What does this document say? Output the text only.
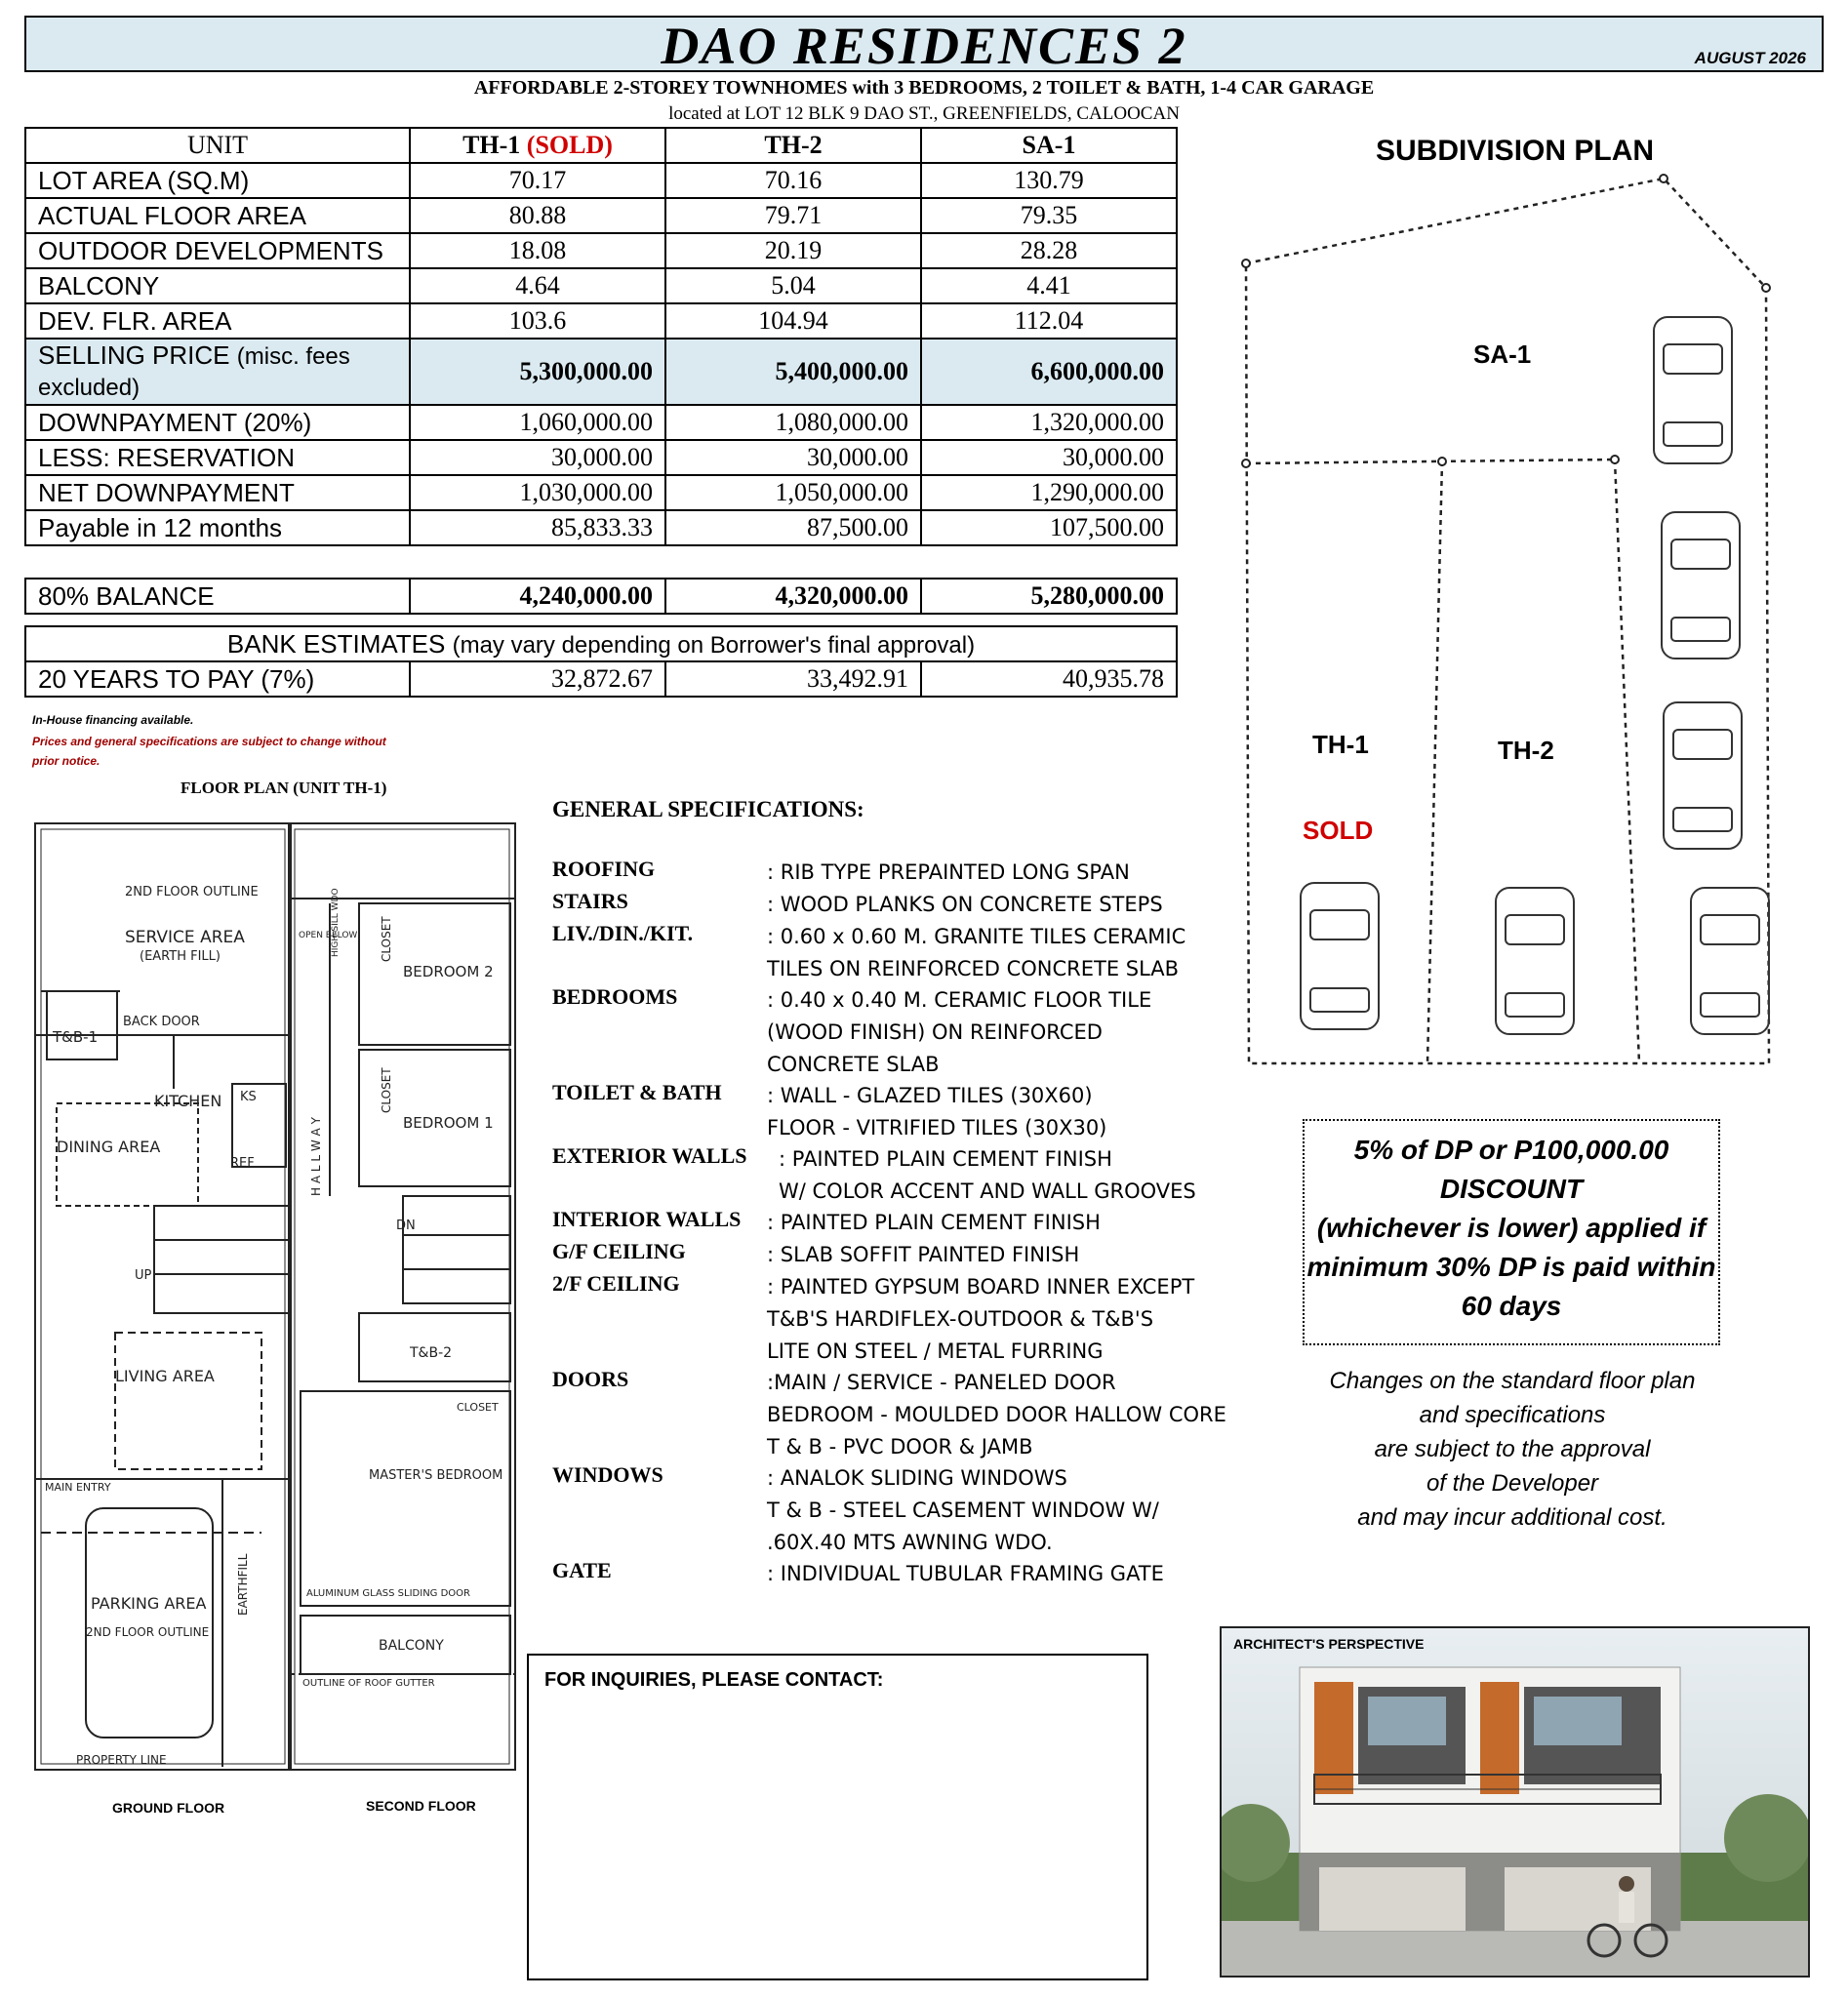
DAO RESIDENCES 2	AUGUST 2026
AFFORDABLE 2-STOREY TOWNHOMES with 3 BEDROOMS, 2 TOILET & BATH, 1-4 CAR GARAGE
located at LOT 12 BLK 9 DAO ST., GREENFIELDS, CALOOCAN
UNIT	TH-1 (SOLD)	TH-2	SA-1
LOT AREA (SQ.M)	70.17	70.16	130.79
ACTUAL FLOOR AREA	80.88	79.71	79.35
OUTDOOR DEVELOPMENTS	18.08	20.19	28.28
BALCONY	4.64	5.04	4.41
DEV. FLR. AREA	103.6	104.94	112.04
SELLING PRICE (misc. fees excluded)	5,300,000.00	5,400,000.00	6,600,000.00
DOWNPAYMENT (20%)	1,060,000.00	1,080,000.00	1,320,000.00
LESS: RESERVATION	30,000.00	30,000.00	30,000.00
NET DOWNPAYMENT	1,030,000.00	1,050,000.00	1,290,000.00
Payable in 12 months	85,833.33	87,500.00	107,500.00
80% BALANCE	4,240,000.00	4,320,000.00	5,280,000.00
BANK ESTIMATES (may vary depending on Borrower's final approval)
20 YEARS TO PAY (7%)	32,872.67	33,492.91	40,935.78
In-House financing available.
Prices and general specifications are subject to change without
prior notice.
FLOOR PLAN (UNIT TH-1)
2ND FLOOR OUTLINE
SERVICE AREA
(EARTH FILL)
BACK DOOR
T&B-1
KITCHEN KS
DINING AREA
REF
UP
LIVING AREA
MAIN ENTRY
PARKING AREA
2ND FLOOR OUTLINE
EARTHFILL
PROPERTY LINE
OPEN BELOW
HIGH-SILL WDO	CLOSET
BEDROOM 2
CLOSET
BEDROOM 1
H A L L W A Y
DN
T&B-2
CLOSET
MASTER'S BEDROOM
ALUMINUM GLASS SLIDING DOOR
BALCONY
OUTLINE OF ROOF GUTTER
GROUND FLOOR	SECOND FLOOR
GENERAL SPECIFICATIONS:
ROOFING	: RIB TYPE PREPAINTED LONG SPAN
STAIRS	: WOOD PLANKS ON CONCRETE STEPS
LIV./DIN./KIT.	: 0.60 x 0.60 M. GRANITE TILES CERAMIC
TILES ON REINFORCED CONCRETE SLAB
BEDROOMS	: 0.40 x 0.40 M. CERAMIC FLOOR TILE
(WOOD FINISH) ON REINFORCED
CONCRETE SLAB
TOILET & BATH : WALL - GLAZED TILES (30X60)
FLOOR - VITRIFIED TILES (30X30)
EXTERIOR WALLS : PAINTED PLAIN CEMENT FINISH
W/ COLOR ACCENT AND WALL GROOVES
INTERIOR WALLS : PAINTED PLAIN CEMENT FINISH
G/F CEILING	: SLAB SOFFIT PAINTED FINISH
2/F CEILING	: PAINTED GYPSUM BOARD INNER EXCEPT
T&B'S HARDIFLEX-OUTDOOR & T&B'S
LITE ON STEEL / METAL FURRING
DOORS	:MAIN / SERVICE - PANELED DOOR
BEDROOM - MOULDED DOOR HALLOW CORE
T & B - PVC DOOR & JAMB
WINDOWS	: ANALOK SLIDING WINDOWS
T & B - STEEL CASEMENT WINDOW W/
.60X.40 MTS AWNING WDO.
GATE	: INDIVIDUAL TUBULAR FRAMING GATE
SUBDIVISION PLAN
SA-1
TH-1	TH-2
SOLD
5% of DP or P100,000.00
DISCOUNT
(whichever is lower) applied if
minimum 30% DP is paid within
60 days
Changes on the standard floor plan
and specifications
are subject to the approval
of the Developer
and may incur additional cost.
FOR INQUIRIES, PLEASE CONTACT:
ARCHITECT'S PERSPECTIVE
